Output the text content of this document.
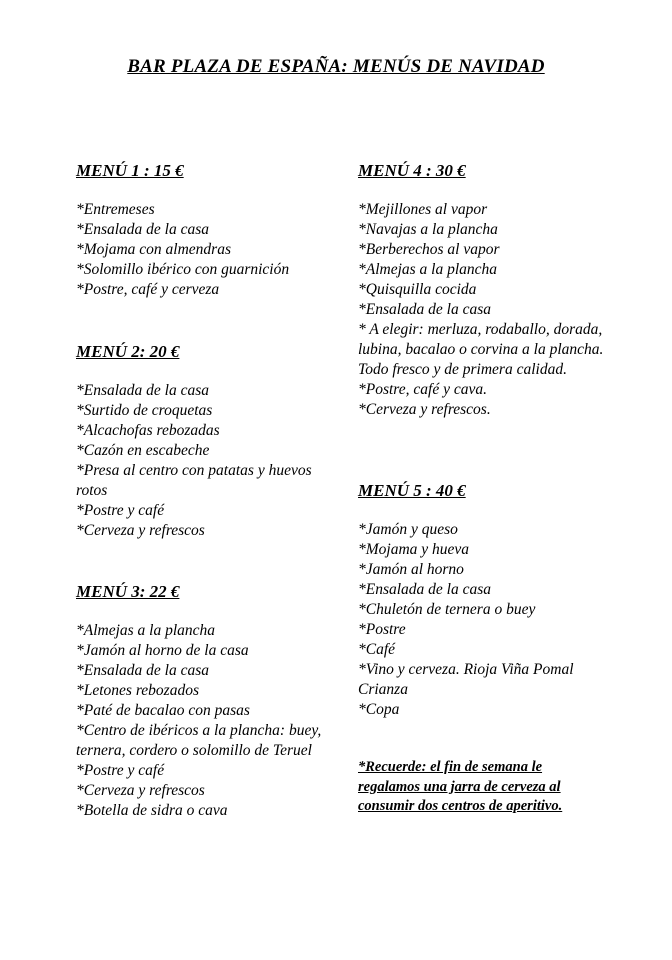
BAR PLAZA DE ESPAÑA: MENÚS DE NAVIDAD
MENÚ 1 : 15 €
*Entremeses
*Ensalada de la casa
*Mojama con almendras
*Solomillo ibérico con guarnición
*Postre, café y cerveza
MENÚ 2: 20 €
*Ensalada de la casa
*Surtido de croquetas
*Alcachofas rebozadas
*Cazón en escabeche
*Presa al centro con patatas y huevos rotos
*Postre y café
*Cerveza y refrescos
MENÚ 3: 22 €
*Almejas a la plancha
*Jamón al horno de la casa
*Ensalada de la casa
*Letones rebozados
*Paté de bacalao con pasas
*Centro de ibéricos a la plancha: buey, ternera, cordero o solomillo de Teruel
*Postre y café
*Cerveza y refrescos
*Botella de sidra o cava
MENÚ 4 : 30 €
*Mejillones al vapor
*Navajas a la plancha
*Berberechos al vapor
*Almejas a la plancha
*Quisquilla cocida
*Ensalada de la casa
* A elegir: merluza, rodaballo, dorada, lubina, bacalao o corvina a la plancha.
Todo fresco y de primera calidad.
*Postre, café y cava.
*Cerveza y refrescos.
MENÚ 5 : 40 €
*Jamón y queso
*Mojama y hueva
*Jamón al horno
*Ensalada de la casa
*Chuletón de ternera o buey
*Postre
*Café
*Vino y cerveza. Rioja Viña Pomal Crianza
*Copa
*Recuerde: el fin de semana le regalamos una jarra de cerveza al consumir dos centros de aperitivo.
